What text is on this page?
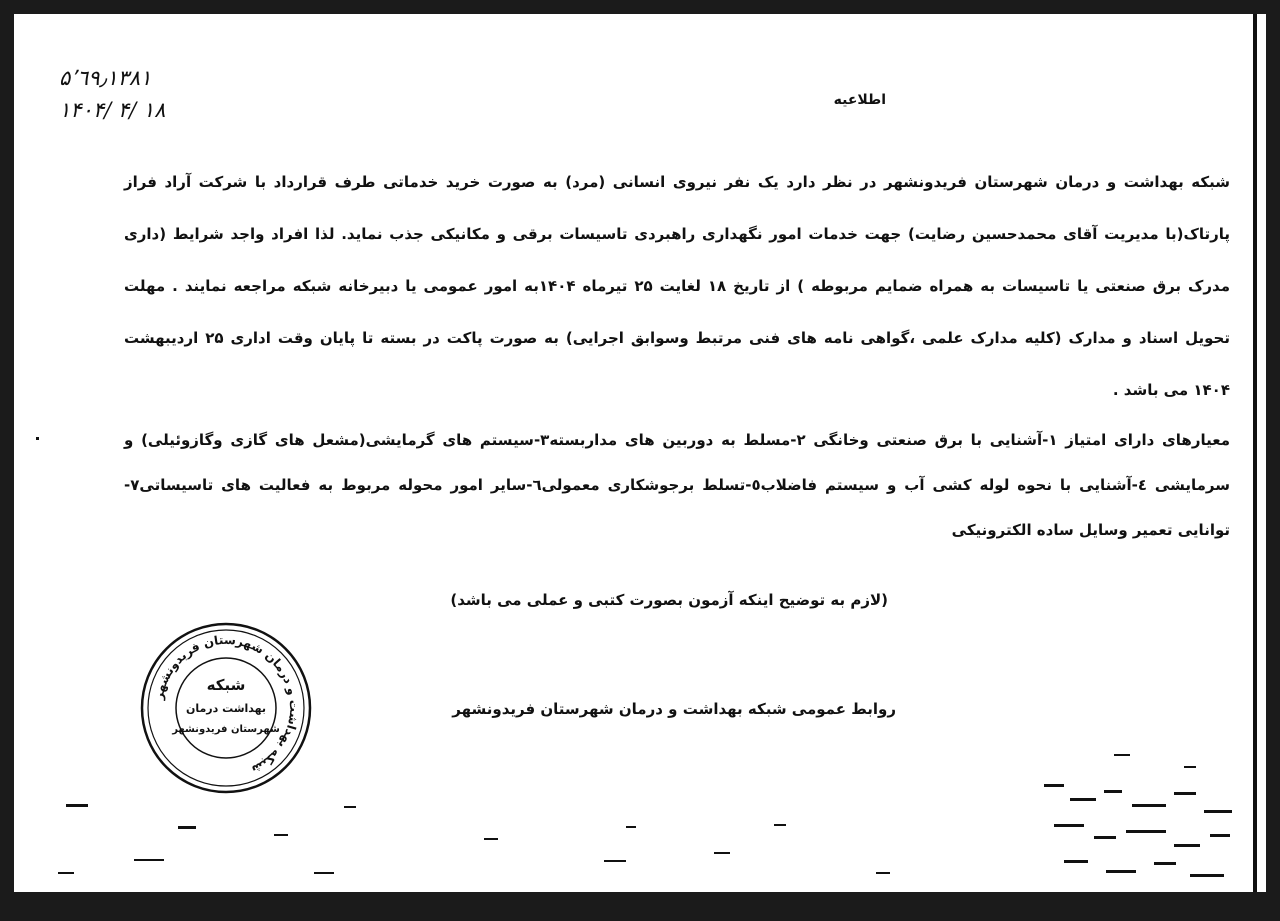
۵٬٦۹٫۱۳۸۱
۱۴۰۴/ ۴/ ۱۸	اطلاعیه
شبکه بهداشت و درمان شهرستان فریدونشهر در نظر دارد یک نفر نیروی انسانی (مرد) به صورت خرید خدماتی طرف قرارداد با شرکت آراد فراز پارتاک(با مدیریت آقای محمدحسین رضایت) جهت خدمات امور نگهداری راهبردی تاسیسات برقی و مکانیکی جذب نماید. لذا افراد واجد شرایط (داری مدرک برق صنعتی یا تاسیسات به همراه ضمایم مربوطه ) از تاریخ ۱۸ لغایت ۲۵ تیرماه ۱۴۰۴به امور عمومی یا دبیرخانه شبکه مراجعه نمایند . مهلت تحویل اسناد و مدارک (کلیه مدارک علمی ،گواهی نامه های فنی مرتبط وسوابق اجرایی) به صورت پاکت در بسته تا پایان وقت اداری ۲۵ اردیبهشت ۱۴۰۴ می باشد .
معیارهای دارای امتیاز ۱-آشنایی با برق صنعتی وخانگی ۲-مسلط به دوربین های مداربسته۳-سیستم های گرمایشی(مشعل های گازی وگازوئیلی) و سرمایشی ٤-آشنایی با نحوه لوله کشی آب و سیستم فاضلاب٥-تسلط برجوشکاری معمولی٦-سایر امور محوله مربوط به فعالیت های تاسیساتی۷-توانایی تعمیر وسایل ساده الکترونیکی
(لازم به توضیح اینکه آزمون بصورت کتبی و عملی می باشد)
روابط عمومی شبکه بهداشت و درمان شهرستان فریدونشهر
شبکه بهداشت و درمان شهرستان فریدونشهر
شبکه
بهداشت درمان
شهرستان فریدونشهر
